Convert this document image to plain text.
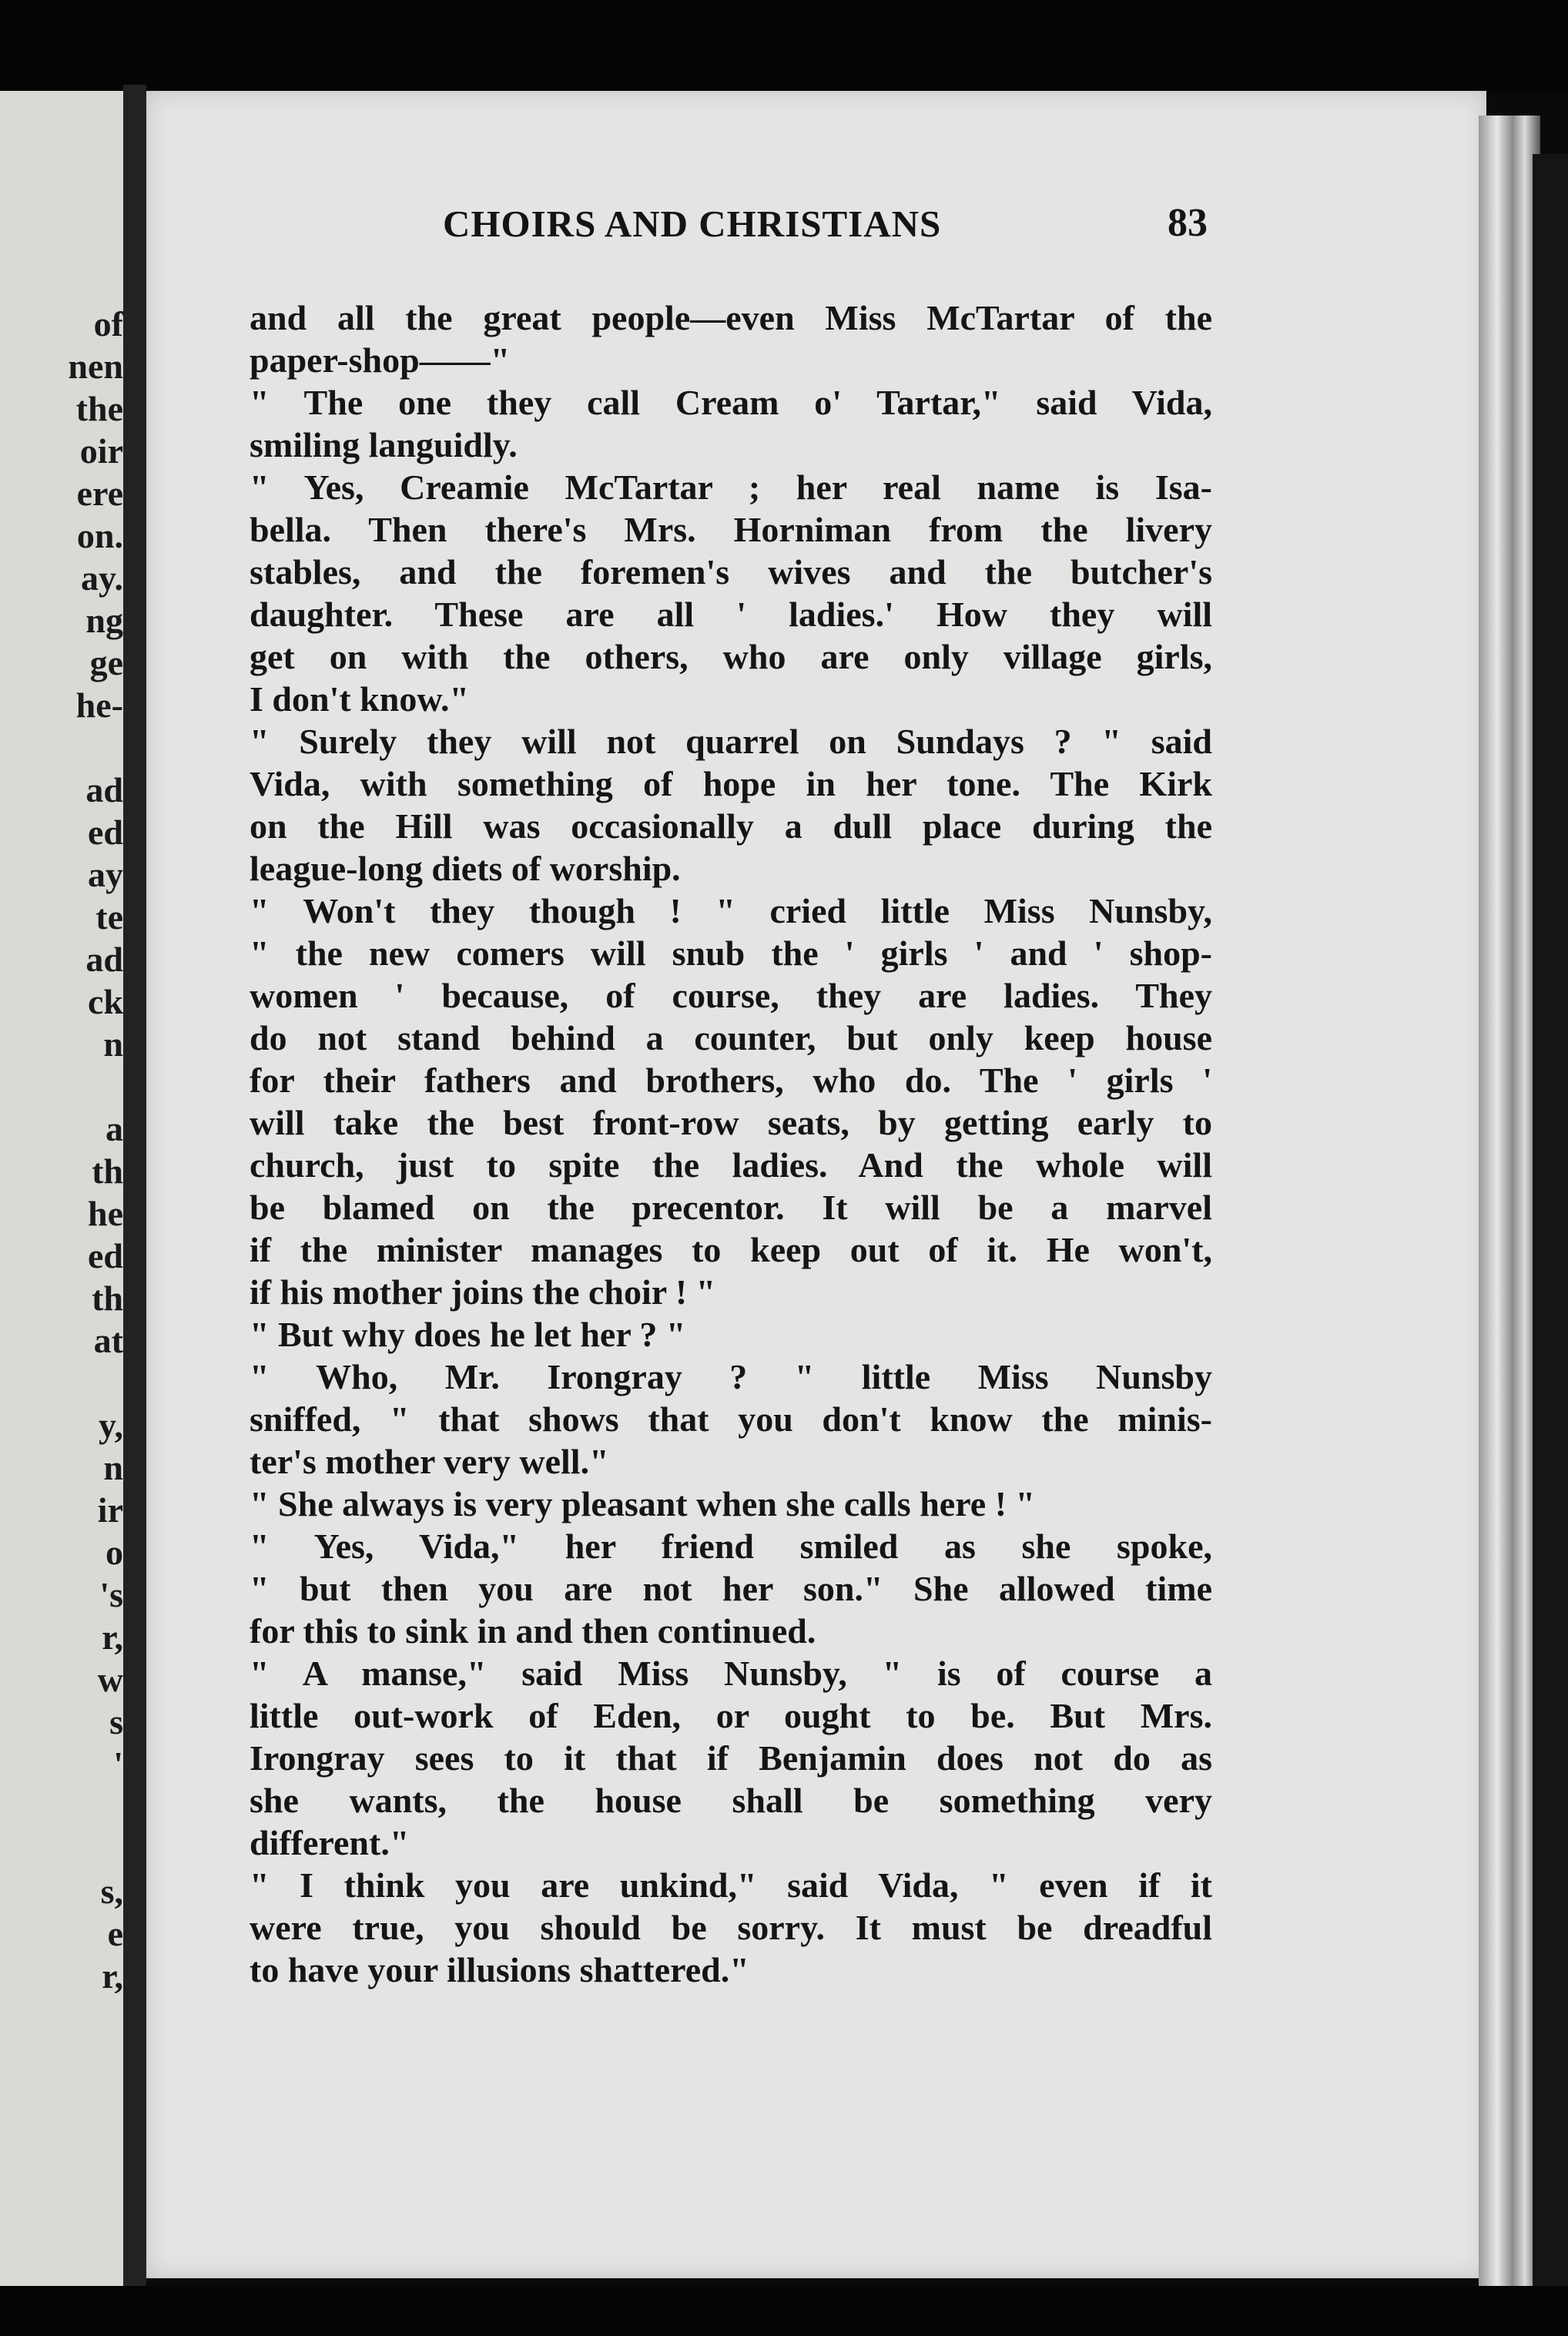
of
nen
the
oir
ere
on.
ay.
ng
ge
he-
ad
ed
ay
te
ad
ck
n
a
th
he
ed
th
at
y,
n
ir
o
's
r,
w
s
'
s,
e
r,
CHOIRS AND CHRISTIANS	83
and all the great people—even Miss McTartar of the
paper-shop——"
" The one they call Cream o' Tartar," said Vida,
smiling languidly.
" Yes, Creamie McTartar ; her real name is Isa-
bella. Then there's Mrs. Horniman from the livery
stables, and the foremen's wives and the butcher's
daughter. These are all ' ladies.' How they will
get on with the others, who are only village girls,
I don't know."
" Surely they will not quarrel on Sundays ? " said
Vida, with something of hope in her tone. The Kirk
on the Hill was occasionally a dull place during the
league-long diets of worship.
" Won't they though ! " cried little Miss Nunsby,
" the new comers will snub the ' girls ' and ' shop-
women ' because, of course, they are ladies. They
do not stand behind a counter, but only keep house
for their fathers and brothers, who do. The ' girls '
will take the best front-row seats, by getting early to
church, just to spite the ladies. And the whole will
be blamed on the precentor. It will be a marvel
if the minister manages to keep out of it. He won't,
if his mother joins the choir ! "
" But why does he let her ? "
" Who, Mr. Irongray ? " little Miss Nunsby
sniffed, " that shows that you don't know the minis-
ter's mother very well."
" She always is very pleasant when she calls here ! "
" Yes, Vida," her friend smiled as she spoke,
" but then you are not her son." She allowed time
for this to sink in and then continued.
" A manse," said Miss Nunsby, " is of course a
little out-work of Eden, or ought to be. But Mrs.
Irongray sees to it that if Benjamin does not do as
she wants, the house shall be something very
different."
" I think you are unkind," said Vida, " even if it
were true, you should be sorry. It must be dreadful
to have your illusions shattered."
